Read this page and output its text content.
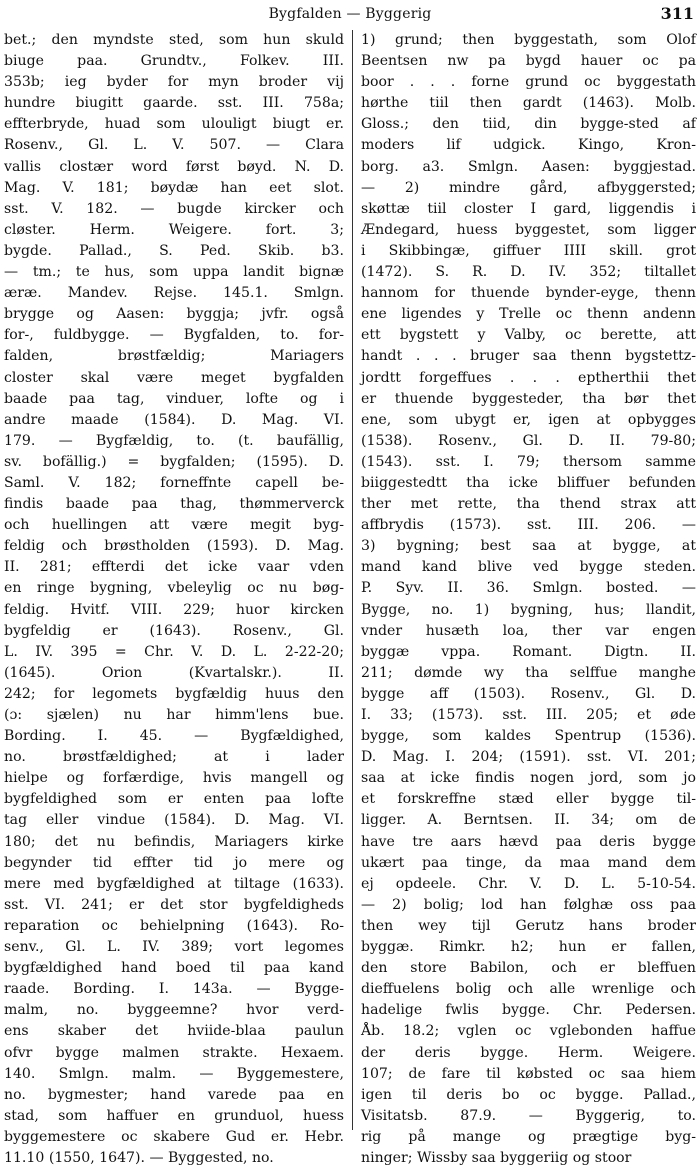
Bygfalden — Byggerig	311
bet.; den myndste sted, som hun skuld
biuge paa. Grundtv., Folkev. III.
353b; ieg byder for myn broder vij
hundre biugitt gaarde. sst. III. 758a;
effterbryde, huad som ulouligt biugt er.
Rosenv., Gl. L. V. 507. — Clara
vallis clostær word først bøyd. N. D.
Mag. V. 181; bøydæ han eet slot.
sst. V. 182. — bugde kircker och
cløster. Herm. Weigere. fort. 3;
bygde. Pallad., S. Ped. Skib. b3.
— tm.; te hus, som uppa landit bignæ
æræ. Mandev. Rejse. 145.1. Smlgn.
brygge og Aasen: byggja; jvfr. også
for-, fuldbygge. — Bygfalden, to. for-
falden, brøstfældig; Mariagers
closter skal være meget bygfalden
baade paa tag, vinduer, lofte og i
andre maade (1584). D. Mag. VI.
179. — Bygfældig, to. (t. baufällig,
sv. bofällig.) = bygfalden; (1595). D.
Saml. V. 182; forneffnte capell be-
findis baade paa thag, thømmerverck
och huellingen att være megit byg-
feldig och brøstholden (1593). D. Mag.
II. 281; effterdi det icke vaar vden
en ringe bygning, vbeleylig oc nu bøg-
feldig. Hvitf. VIII. 229; huor kircken
bygfeldig er (1643). Rosenv., Gl.
L. IV. 395 = Chr. V. D. L. 2-22-20;
(1645). Orion (Kvartalskr.). II.
242; for legomets bygfældig huus den
(ɔ: sjælen) nu har himm'lens bue.
Bording. I. 45. — Bygfældighed,
no. brøstfældighed; at i lader
hielpe og forfærdige, hvis mangell og
bygfeldighed som er enten paa lofte
tag eller vindue (1584). D. Mag. VI.
180; det nu befindis, Mariagers kirke
begynder tid effter tid jo mere og
mere med bygfældighed at tiltage (1633).
sst. VI. 241; er det stor bygfeldigheds
reparation oc behielpning (1643). Ro-
senv., Gl. L. IV. 389; vort legomes
bygfældighed hand boed til paa kand
raade. Bording. I. 143a. — Bygge-
malm, no. byggeemne? hvor verd-
ens skaber det hviide-blaa paulun
ofvr bygge malmen strakte. Hexaem.
140. Smlgn. malm. — Byggemestere,
no. bygmester; hand varede paa en
stad, som haffuer en grunduol, huess
byggemestere oc skabere Gud er. Hebr.
11.10 (1550, 1647). — Byggested, no.
1) grund; then byggestath, som Olof
Beentsen nw pa bygd hauer oc pa
boor . . . forne grund oc byggestath
hørthe tiil then gardt (1463). Molb.
Gloss.; den tiid, din bygge-sted af
moders lif udgick. Kingo, Kron-
borg. a3. Smlgn. Aasen: byggjestad.
— 2) mindre gård, afbyggersted;
skøttæ tiil closter I gard, liggendis i
Ændegard, huess byggestet, som ligger
i Skibbingæ, giffuer IIII skill. grot
(1472). S. R. D. IV. 352; tiltallet
hannom for thuende bynder-eyge, thenn
ene ligendes y Trelle oc thenn andenn
ett bygstett y Valby, oc berette, att
handt . . . bruger saa thenn bygstettz-
jordtt forgeffues . . . eptherthii thet
er thuende byggesteder, tha bør thet
ene, som ubygt er, igen at opbygges
(1538). Rosenv., Gl. D. II. 79-80;
(1543). sst. I. 79; thersom samme
biiggestedtt tha icke bliffuer befunden
ther met rette, tha thend strax att
affbrydis (1573). sst. III. 206. —
3) bygning; best saa at bygge, at
mand kand blive ved bygge steden.
P. Syv. II. 36. Smlgn. bosted. —
Bygge, no. 1) bygning, hus; llandit,
vnder husæth loa, ther var engen
byggæ vppa. Romant. Digtn. II.
211; dømde wy tha selffue manghe
bygge aff (1503). Rosenv., Gl. D.
I. 33; (1573). sst. III. 205; et øde
bygge, som kaldes Spentrup (1536).
D. Mag. I. 204; (1591). sst. VI. 201;
saa at icke findis nogen jord, som jo
et forskreffne stæd eller bygge til-
ligger. A. Berntsen. II. 34; om de
have tre aars hævd paa deris bygge
ukært paa tinge, da maa mand dem
ej opdeele. Chr. V. D. L. 5-10-54.
— 2) bolig; lod han følghæ oss paa
then wey tijl Gerutz hans broder
byggæ. Rimkr. h2; hun er fallen,
den store Babilon, och er bleffuen
dieffuelens bolig och alle wrenlige och
hadelige fwlis bygge. Chr. Pedersen.
Åb. 18.2; vglen oc vglebonden haffue
der deris bygge. Herm. Weigere.
107; de fare til købsted oc saa hiem
igen til deris bo oc bygge. Pallad.,
Visitatsb. 87.9. — Byggerig, to.
rig på mange og prægtige byg-
ninger; Wissby saa byggeriig og stoor
